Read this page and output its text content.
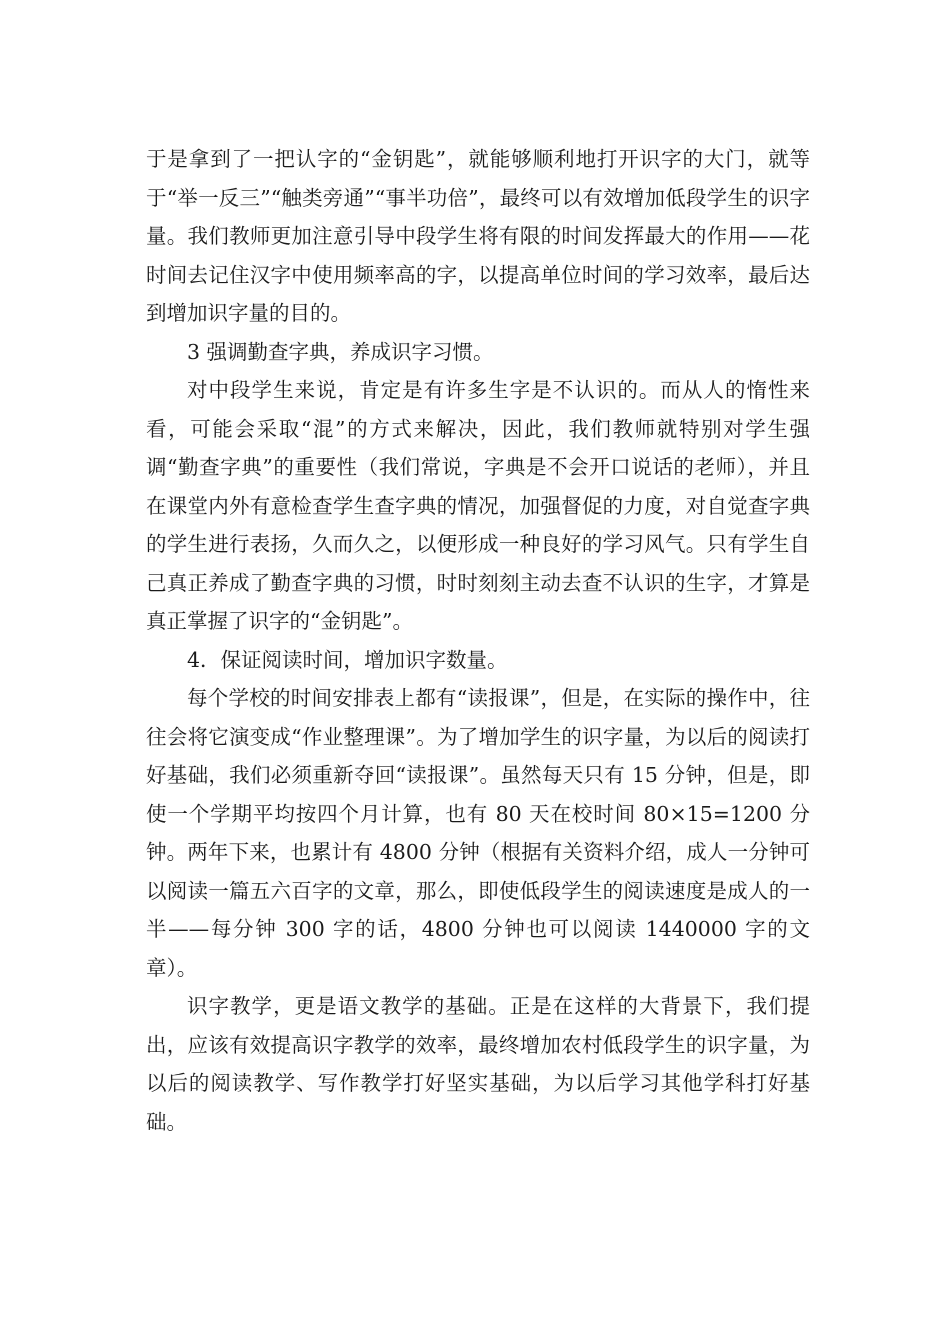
于是拿到了一把认字的“金钥匙”，就能够顺利地打开识字的大门，就等于“举一反三”“触类旁通”“事半功倍”，最终可以有效增加低段学生的识字量。我们教师更加注意引导中段学生将有限的时间发挥最大的作用——花时间去记住汉字中使用频率高的字，以提高单位时间的学习效率，最后达到增加识字量的目的。

3 强调勤查字典，养成识字习惯。

对中段学生来说，肯定是有许多生字是不认识的。而从人的惰性来看，可能会采取“混”的方式来解决，因此，我们教师就特别对学生强调“勤查字典”的重要性（我们常说，字典是不会开口说话的老师），并且在课堂内外有意检查学生查字典的情况，加强督促的力度，对自觉查字典的学生进行表扬，久而久之，以便形成一种良好的学习风气。只有学生自己真正养成了勤查字典的习惯，时时刻刻主动去查不认识的生字，才算是真正掌握了识字的“金钥匙”。

4．保证阅读时间，增加识字数量。

每个学校的时间安排表上都有“读报课”，但是，在实际的操作中，往往会将它演变成“作业整理课”。为了增加学生的识字量，为以后的阅读打好基础，我们必须重新夺回“读报课”。虽然每天只有 15 分钟，但是，即使一个学期平均按四个月计算，也有 80 天在校时间 80×15=1200 分钟。两年下来，也累计有 4800 分钟（根据有关资料介绍，成人一分钟可以阅读一篇五六百字的文章，那么，即使低段学生的阅读速度是成人的一半——每分钟 300 字的话，4800 分钟也可以阅读 1440000 字的文章）。

识字教学，更是语文教学的基础。正是在这样的大背景下，我们提出，应该有效提高识字教学的效率，最终增加农村低段学生的识字量，为以后的阅读教学、写作教学打好坚实基础，为以后学习其他学科打好基础。
